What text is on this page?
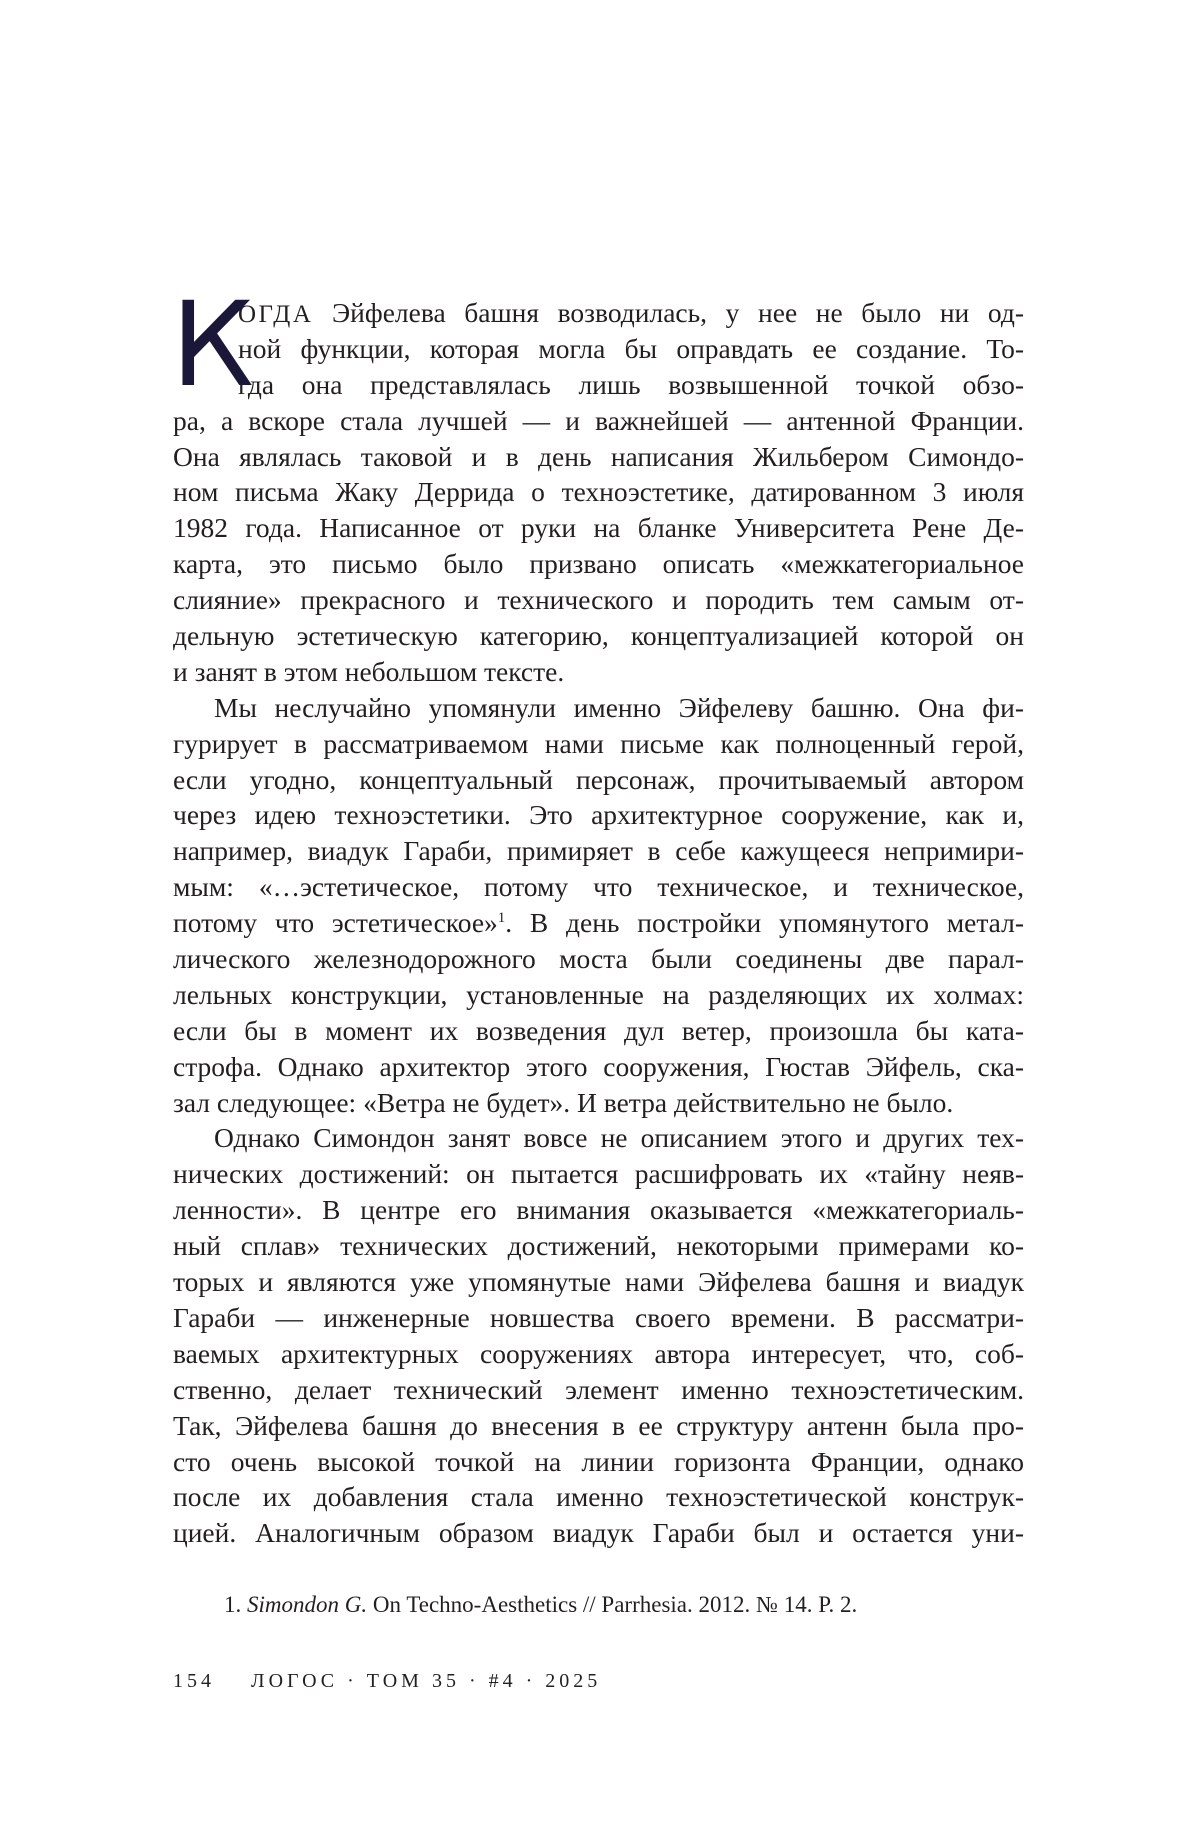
К
ОГДА Эйфелева башня возводилась, у нее не было ни од-
ной функции, которая могла бы оправдать ее создание. То-
гда она представлялась лишь возвышенной точкой обзо-
ра, а вскоре стала лучшей — и важнейшей — антенной Франции.
Она являлась таковой и в день написания Жильбером Симондо-
ном письма Жаку Деррида о техноэстетике, датированном 3 июля
1982 года. Написанное от руки на бланке Университета Рене Де-
карта, это письмо было призвано описать «межкатегориальное
слияние» прекрасного и технического и породить тем самым от-
дельную эстетическую категорию, концептуализацией которой он
и занят в этом небольшом тексте.
Мы неслучайно упомянули именно Эйфелеву башню. Она фи-
гурирует в рассматриваемом нами письме как полноценный герой,
если угодно, концептуальный персонаж, прочитываемый автором
через идею техноэстетики. Это архитектурное сооружение, как и,
например, виадук Гараби, примиряет в себе кажущееся непримири-
мым: «…эстетическое, потому что техническое, и техническое,
потому что эстетическое»$^1$. В день постройки упомянутого метал-
лического железнодорожного моста были соединены две парал-
лельных конструкции, установленные на разделяющих их холмах:
если бы в момент их возведения дул ветер, произошла бы ката-
строфа. Однако архитектор этого сооружения, Гюстав Эйфель, ска-
зал следующее: «Ветра не будет». И ветра действительно не было.
Однако Симондон занят вовсе не описанием этого и других тех-
нических достижений: он пытается расшифровать их «тайну неяв-
ленности». В центре его внимания оказывается «межкатегориаль-
ный сплав» технических достижений, некоторыми примерами ко-
торых и являются уже упомянутые нами Эйфелева башня и виадук
Гараби — инженерные новшества своего времени. В рассматри-
ваемых архитектурных сооружениях автора интересует, что, соб-
ственно, делает технический элемент именно техноэстетическим.
Так, Эйфелева башня до внесения в ее структуру антенн была про-
сто очень высокой точкой на линии горизонта Франции, однако
после их добавления стала именно техноэстетической конструк-
цией. Аналогичным образом виадук Гараби был и остается уни-
1. Simondon G. On Techno-Aesthetics // Parrhesia. 2012. № 14. P. 2.
154 ЛОГОС · ТОМ 35 · #4 · 2025
